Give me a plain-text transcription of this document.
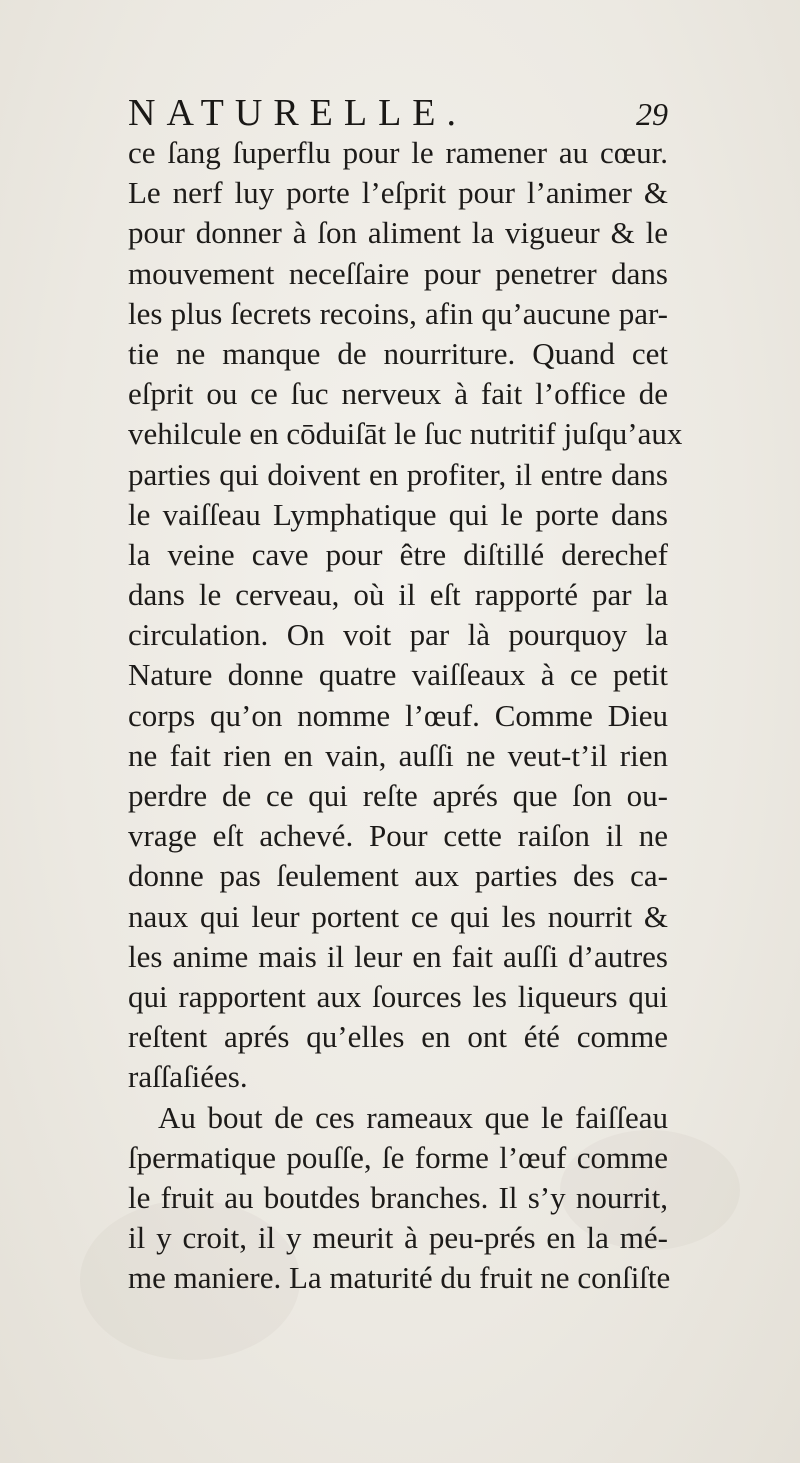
NATURELLE.	29
ce ſang ſuperflu pour le ramener au cœur.
Le nerf luy porte l’eſprit pour l’animer &
pour donner à ſon aliment la vigueur & le
mouvement neceſſaire pour penetrer dans
les plus ſecrets recoins, afin qu’aucune par-
tie ne manque de nourriture. Quand cet
eſprit ou ce ſuc nerveux à fait l’office de
vehilcule en cōduiſāt le ſuc nutritif juſqu’aux
parties qui doivent en profiter, il entre dans
le vaiſſeau Lymphatique qui le porte dans
la veine cave pour être diſtillé derechef
dans le cerveau, où il eſt rapporté par la
circulation. On voit par là pourquoy la
Nature donne quatre vaiſſeaux à ce petit
corps qu’on nomme l’œuf. Comme Dieu
ne fait rien en vain, auſſi ne veut-t’il rien
perdre de ce qui reſte aprés que ſon ou-
vrage eſt achevé. Pour cette raiſon il ne
donne pas ſeulement aux parties des ca-
naux qui leur portent ce qui les nourrit &
les anime mais il leur en fait auſſi d’autres
qui rapportent aux ſources les liqueurs qui
reſtent aprés qu’elles en ont été comme
raſſaſiées.
Au bout de ces rameaux que le faiſſeau
ſpermatique pouſſe, ſe forme l’œuf comme
le fruit au boutdes branches. Il s’y nourrit,
il y croit, il y meurit à peu-prés en la mé-
me maniere. La maturité du fruit ne conſiſte
